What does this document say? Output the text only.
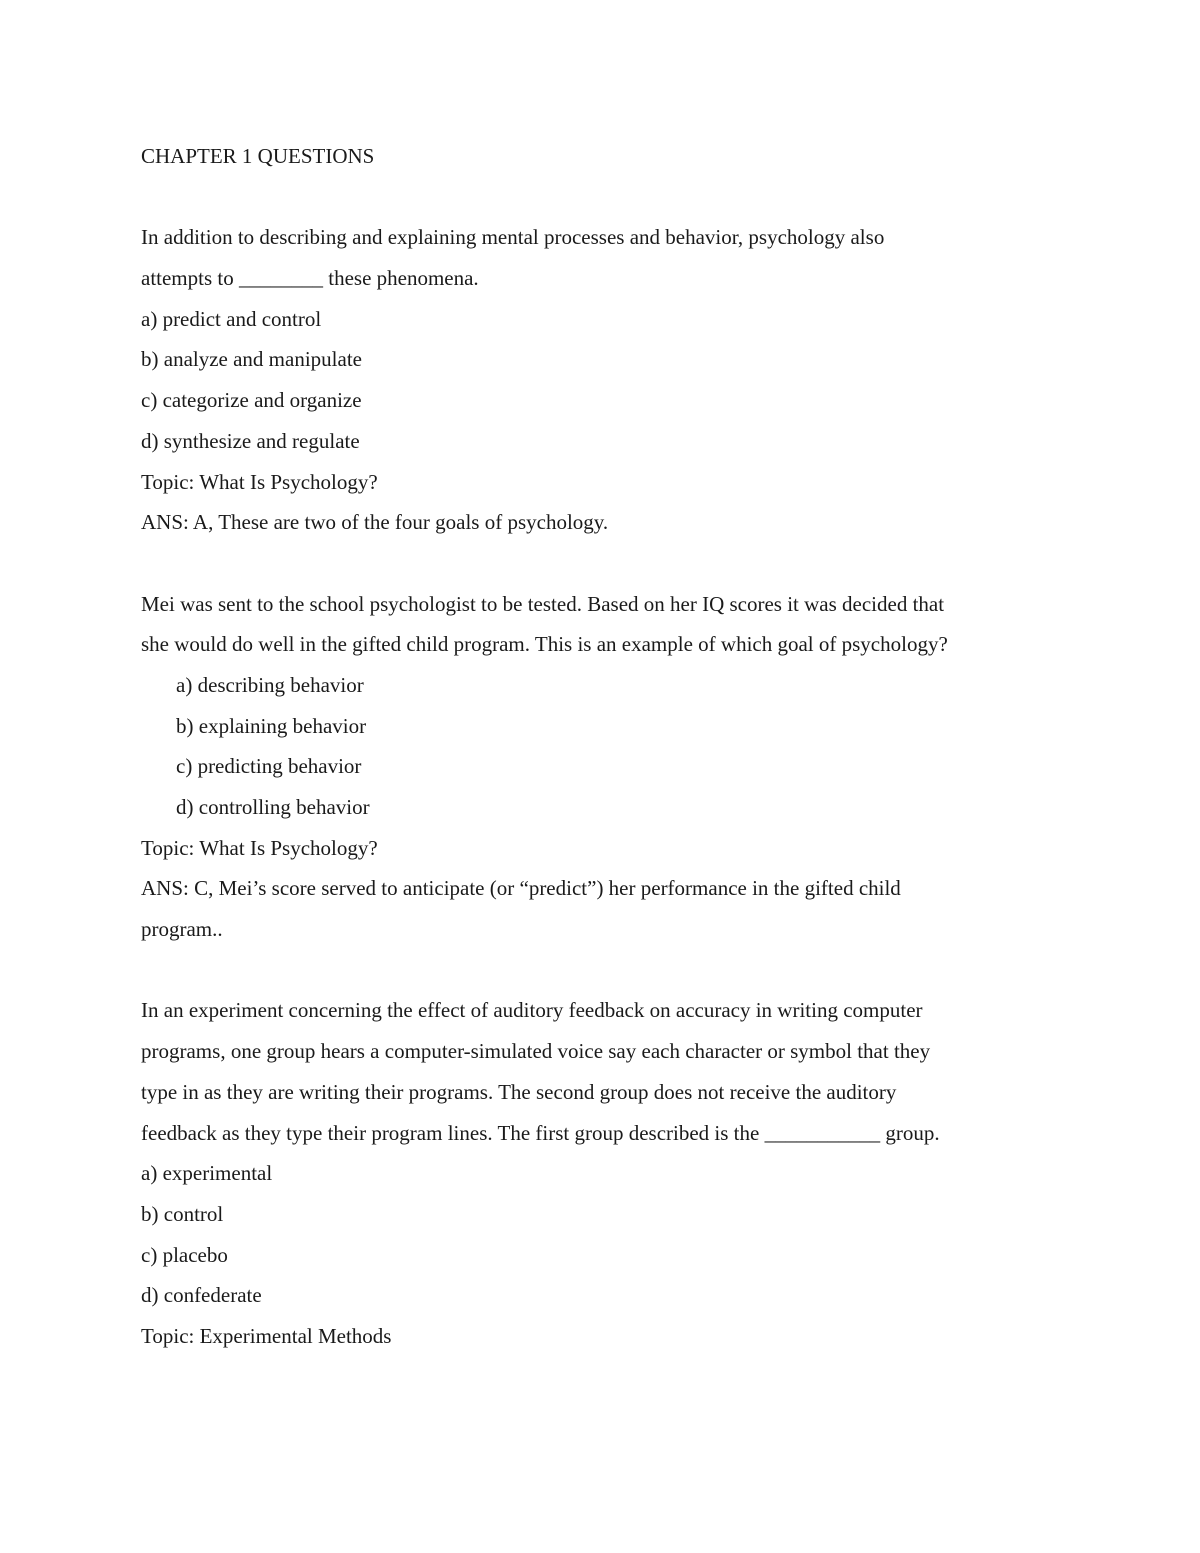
CHAPTER 1 QUESTIONS
In addition to describing and explaining mental processes and behavior, psychology also
attempts to ________ these phenomena.
a) predict and control
b) analyze and manipulate
c) categorize and organize
d) synthesize and regulate
Topic: What Is Psychology?
ANS: A, These are two of the four goals of psychology.
Mei was sent to the school psychologist to be tested. Based on her IQ scores it was decided that
she would do well in the gifted child program. This is an example of which goal of psychology?
a) describing behavior
b) explaining behavior
c) predicting behavior
d) controlling behavior
Topic: What Is Psychology?
ANS: C, Mei’s score served to anticipate (or “predict”) her performance in the gifted child
program..
In an experiment concerning the effect of auditory feedback on accuracy in writing computer
programs, one group hears a computer-simulated voice say each character or symbol that they
type in as they are writing their programs. The second group does not receive the auditory
feedback as they type their program lines. The first group described is the ___________ group.
a) experimental
b) control
c) placebo
d) confederate
Topic: Experimental Methods
